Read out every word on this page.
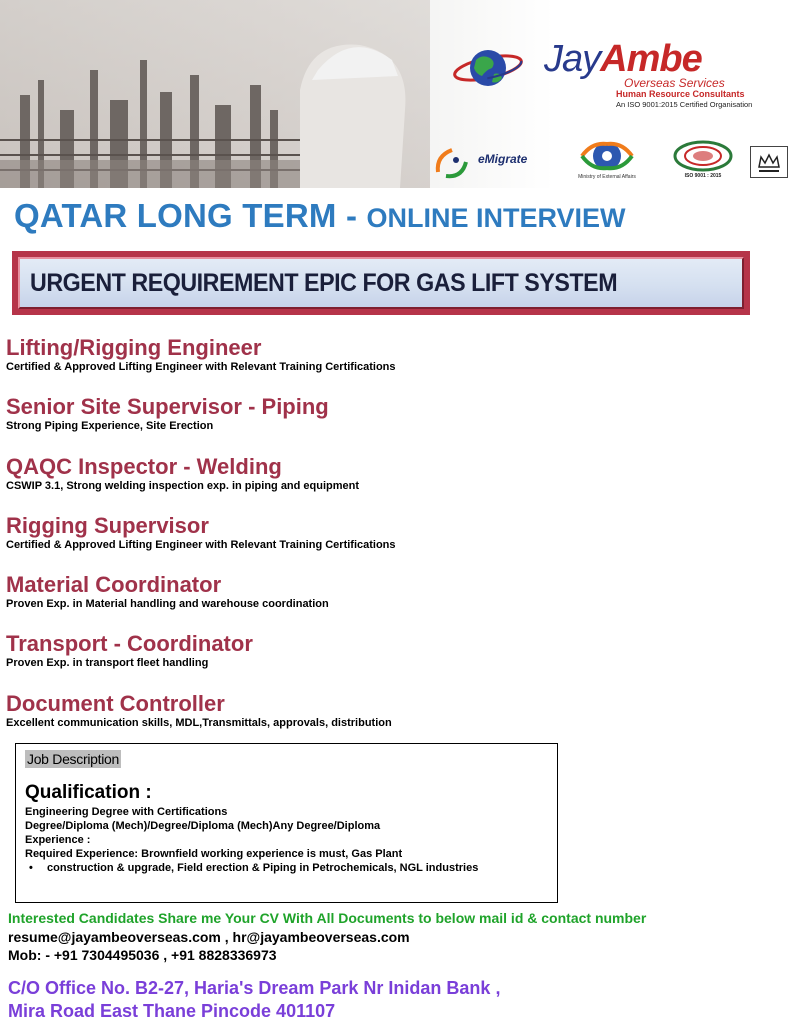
JayAmbe
Overseas Services
Human Resource Consultants
An ISO 9001:2015 Certified Organisation
eMigrate
Ministry of External Affairs	ISO 9001 : 2015
QATAR LONG TERM - ONLINE INTERVIEW
URGENT REQUIREMENT EPIC FOR GAS LIFT SYSTEM
Lifting/Rigging Engineer
Certified & Approved Lifting Engineer with Relevant Training Certifications
Senior Site Supervisor - Piping
Strong Piping Experience, Site Erection
QAQC Inspector - Welding
CSWIP 3.1, Strong welding inspection exp. in piping and equipment
Rigging Supervisor
Certified & Approved Lifting Engineer with Relevant Training Certifications
Material Coordinator
Proven Exp. in Material handling and warehouse coordination
Transport - Coordinator
Proven Exp. in transport fleet handling
Document Controller
Excellent communication skills, MDL,Transmittals, approvals, distribution
Job Description
Qualification :
Engineering Degree with Certifications
Degree/Diploma (Mech)/Degree/Diploma (Mech)Any Degree/Diploma
Experience :
Required Experience: Brownfield working experience is must, Gas Plant
•	construction & upgrade, Field erection & Piping in Petrochemicals, NGL industries
Interested Candidates Share me Your CV With All Documents to below mail id & contact number
resume@jayambeoverseas.com , hr@jayambeoverseas.com
Mob: - +91 7304495036 , +91 8828336973
C/O Office No. B2-27, Haria's Dream Park Nr Inidan Bank ,
Mira Road East Thane Pincode 401107
